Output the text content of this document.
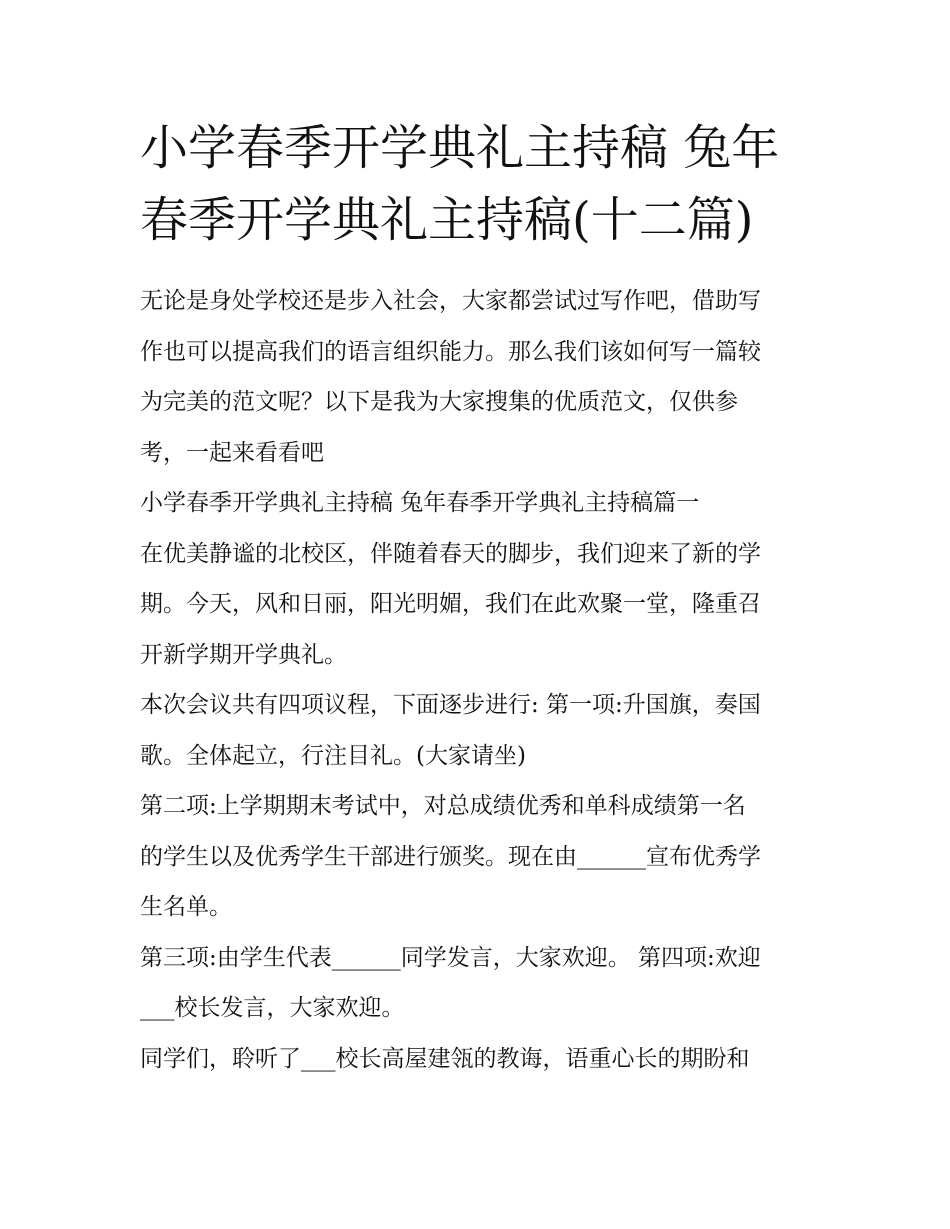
小学春季开学典礼主持稿 兔年
春季开学典礼主持稿(十二篇)

无论是身处学校还是步入社会，大家都尝试过写作吧，借助写

作也可以提高我们的语言组织能力。那么我们该如何写一篇较

为完美的范文呢？以下是我为大家搜集的优质范文，仅供参

考，一起来看看吧

小学春季开学典礼主持稿 兔年春季开学典礼主持稿篇一

在优美静谧的北校区，伴随着春天的脚步，我们迎来了新的学

期。今天，风和日丽，阳光明媚，我们在此欢聚一堂，隆重召

开新学期开学典礼。

本次会议共有四项议程，下面逐步进行: 第一项:升国旗，奏国

歌。全体起立，行注目礼。(大家请坐)

第二项:上学期期末考试中，对总成绩优秀和单科成绩第一名

的学生以及优秀学生干部进行颁奖。现在由______宣布优秀学

生名单。

第三项:由学生代表______同学发言，大家欢迎。 第四项:欢迎

___校长发言，大家欢迎。

同学们，聆听了___校长高屋建瓴的教诲，语重心长的期盼和
